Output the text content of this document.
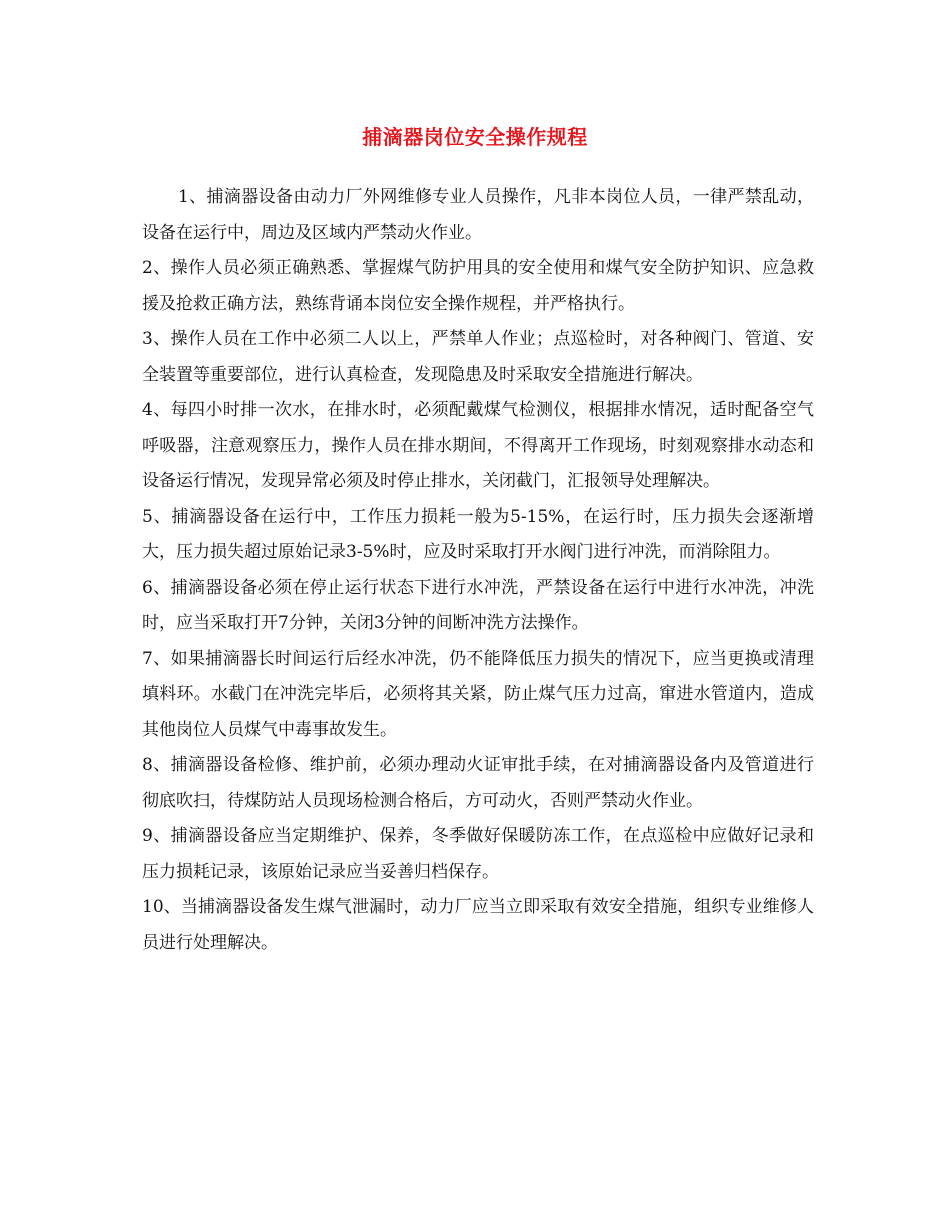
捕滴器岗位安全操作规程

1、捕滴器设备由动力厂外网维修专业人员操作，凡非本岗位人员，一律严禁乱动，设备在运行中，周边及区域内严禁动火作业。

2、操作人员必须正确熟悉、掌握煤气防护用具的安全使用和煤气安全防护知识、应急救援及抢救正确方法，熟练背诵本岗位安全操作规程，并严格执行。

3、操作人员在工作中必须二人以上，严禁单人作业；点巡检时，对各种阀门、管道、安全装置等重要部位，进行认真检查，发现隐患及时采取安全措施进行解决。

4、每四小时排一次水，在排水时，必须配戴煤气检测仪，根据排水情况，适时配备空气呼吸器，注意观察压力，操作人员在排水期间，不得离开工作现场，时刻观察排水动态和设备运行情况，发现异常必须及时停止排水，关闭截门，汇报领导处理解决。

5、捕滴器设备在运行中，工作压力损耗一般为5-15%，在运行时，压力损失会逐渐增大，压力损失超过原始记录3-5%时，应及时采取打开水阀门进行冲洗，而消除阻力。

6、捕滴器设备必须在停止运行状态下进行水冲洗，严禁设备在运行中进行水冲洗，冲洗时，应当采取打开7分钟，关闭3分钟的间断冲洗方法操作。

7、如果捕滴器长时间运行后经水冲洗，仍不能降低压力损失的情况下，应当更换或清理填料环。水截门在冲洗完毕后，必须将其关紧，防止煤气压力过高，窜进水管道内，造成其他岗位人员煤气中毒事故发生。

8、捕滴器设备检修、维护前，必须办理动火证审批手续，在对捕滴器设备内及管道进行彻底吹扫，待煤防站人员现场检测合格后，方可动火，否则严禁动火作业。

9、捕滴器设备应当定期维护、保养，冬季做好保暖防冻工作，在点巡检中应做好记录和压力损耗记录，该原始记录应当妥善归档保存。

10、当捕滴器设备发生煤气泄漏时，动力厂应当立即采取有效安全措施，组织专业维修人员进行处理解决。
